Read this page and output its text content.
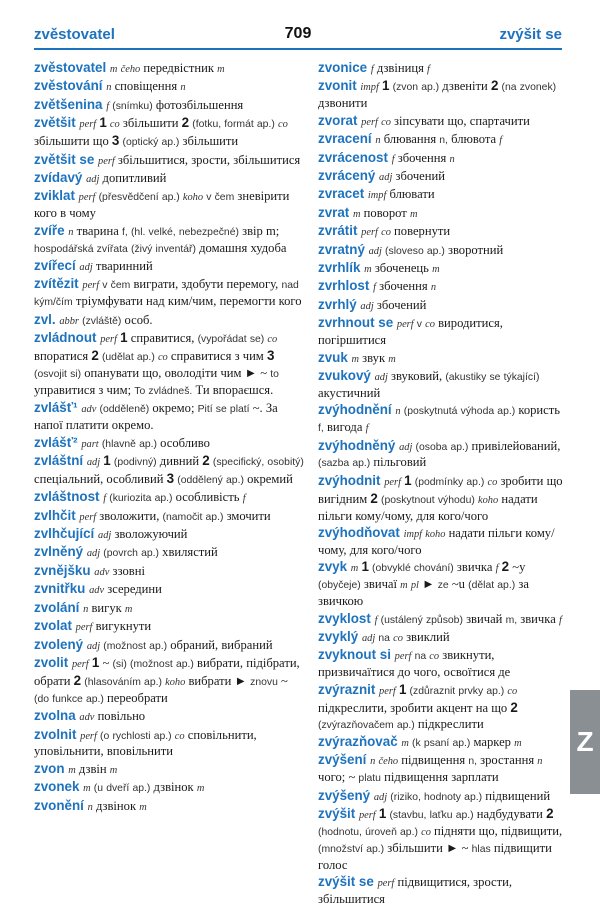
zvěstovatel	709	zvýšit se
zvěstovatel m čeho передвістник m
zvěstování n сповіщення n
zvětšenina f (snímku) фотозбільшення
zvětšit perf 1 co збільшити 2 (fotku, formát ap.) co збільшити що 3 (optický ap.) збільшити
zvětšit se perf збільшитися, зрости, збільшитися
zvídavý adj допитливий
zviklat perf (přesvědčení ap.) koho v čem зневірити кого в чому
zvíře n тварина f, (hl. velké, nebezpečné) звір m; hospodářská zvířata (živý inventář) домашня худоба
zvířecí adj тваринний
zvítězit perf v čem виграти, здобути перемогу, nad kým/čím тріумфувати над ким/чим, перемогти кого
zvl. abbr (zvláště) особ.
zvládnout perf 1 справитися, (vypořádat se) co впоратися 2 (udělat ap.) co справитися з чим 3 (osvojit si) опанувати що, оволодіти чим ► ~ to управитися з чим; To zvládneš. Ти впораєшся.
zvlášť¹ adv (odděleně) окремо; Pití se platí ~. За напої платити окремо.
zvlášť² part (hlavně ap.) особливо
zvláštní adj 1 (podivný) дивний 2 (specifický, osobitý) спеціальний, особливий 3 (oddělený ap.) окремий
zvláštnost f (kuriozita ap.) особливість f
zvlhčit perf зволожити, (namočit ap.) змочити
zvlhčující adj зволожуючий
zvlněný adj (povrch ap.) хвилястий
zvnějšku adv ззовні
zvnitřku adv зсередини
zvolání n вигук m
zvolat perf вигукнути
zvolený adj (možnost ap.) обраний, вибраний
zvolit perf 1 ~ (si) (možnost ap.) вибрати, підібрати, обрати 2 (hlasováním ap.) koho вибрати ► znovu ~ (do funkce ap.) переобрати
zvolna adv повільно
zvolnit perf (o rychlosti ap.) co сповільнити, уповільнити, вповільнити
zvon m дзвін m
zvonek m (u dveří ap.) дзвінок m
zvonění n дзвінок m
zvonice f дзвіниця f
zvonit impf 1 (zvon ap.) дзвеніти 2 (na zvonek) дзвонити
zvorat perf co зіпсувати що, спартачити
zvracení n блювання n, блювота f
zvrácenost f збочення n
zvrácený adj збочений
zvracet impf блювати
zvrat m поворот m
zvrátit perf co повернути
zvratný adj (sloveso ap.) зворотний
zvrhlík m збоченець m
zvrhlost f збочення n
zvrhlý adj збочений
zvrhnout se perf v co виродитися, погіршитися
zvuk m звук m
zvukový adj звуковий, (akustiky se týkající) акустичний
zvýhodnění n (poskytnutá výhoda ap.) користь f, вигода f
zvýhodněný adj (osoba ap.) привілейований, (sazba ap.) пільговий
zvýhodnit perf 1 (podmínky ap.) co зробити що вигідним 2 (poskytnout výhodu) koho надати пільги кому/чому, для кого/чого
zvýhodňovat impf koho надати пільги кому/чому, для кого/чого
zvyk m 1 (obvyklé chování) звичка f 2 ~y (obyčeje) звичаї m pl ► ze ~u (dělat ap.) за звичкою
zvyklost f (ustálený způsob) звичай m, звичка f
zvyklý adj na co звиклий
zvyknout si perf na co звикнути, призвичаїтися до чого, освоїтися де
zvýraznit perf 1 (zdůraznit prvky ap.) co підкреслити, зробити акцент на що 2 (zvýrazňovačem ap.) підкреслити
zvýrazňovač m (k psaní ap.) маркер m
zvýšení n čeho підвищення n, зростання n чого; ~ platu підвищення зарплати
zvýšený adj (riziko, hodnoty ap.) підвищений
zvýšit perf 1 (stavbu, laťku ap.) надбудувати 2 (hodnotu, úroveň ap.) co підняти що, підвищити, (množství ap.) збільшити ► ~ hlas підвищити голос
zvýšit se perf підвищитися, зрости, збільшитися
Z
